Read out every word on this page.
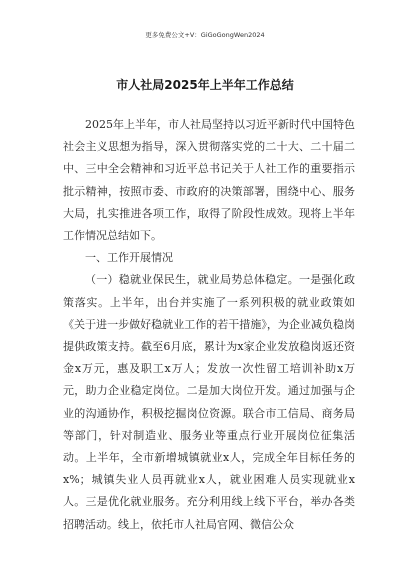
更多免费公文+V：GiGoGongWen2024
市人社局2025年上半年工作总结

2025年上半年，市人社局坚持以习近平新时代中国特色社会主义思想为指导，深入贯彻落实党的二十大、二十届二中、三中全会精神和习近平总书记关于人社工作的重要指示批示精神，按照市委、市政府的决策部署，围绕中心、服务大局，扎实推进各项工作，取得了阶段性成效。现将上半年工作情况总结如下。

一、工作开展情况

（一）稳就业保民生，就业局势总体稳定。一是强化政策落实。上半年，出台并实施了一系列积极的就业政策如《关于进一步做好稳就业工作的若干措施》，为企业减负稳岗提供政策支持。截至6月底，累计为x家企业发放稳岗返还资金x万元，惠及职工x万人；发放一次性留工培训补助x万元，助力企业稳定岗位。二是加大岗位开发。通过加强与企业的沟通协作，积极挖掘岗位资源。联合市工信局、商务局等部门，针对制造业、服务业等重点行业开展岗位征集活动。上半年，全市新增城镇就业x人，完成全年目标任务的x%；城镇失业人员再就业x人，就业困难人员实现就业x人。三是优化就业服务。充分利用线上线下平台，举办各类招聘活动。线上，依托市人社局官网、微信公众
